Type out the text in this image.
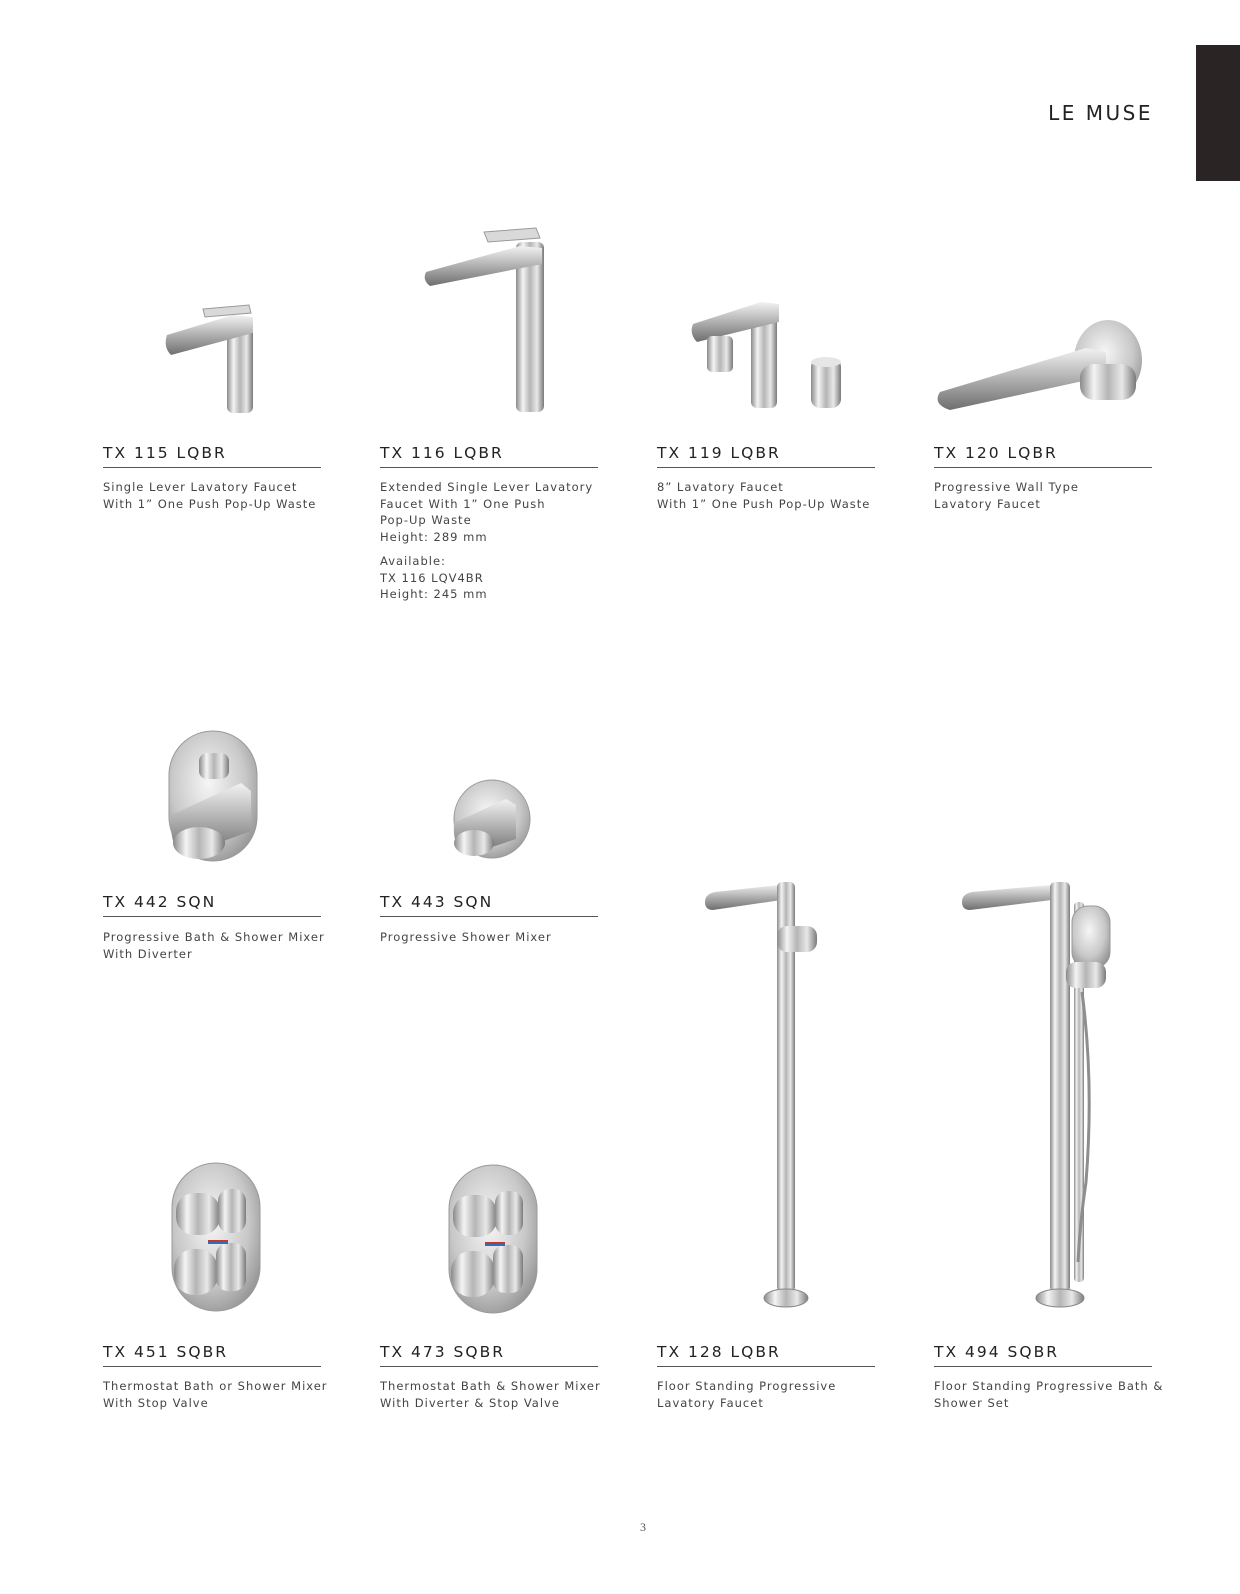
LE MUSE
TX 115 LQBR
Single Lever Lavatory Faucet
With 1” One Push Pop-Up Waste
TX 116 LQBR
Extended Single Lever Lavatory
Faucet With 1” One Push
Pop-Up Waste
Height: 289 mm
Available:
TX 116 LQV4BR
Height: 245 mm
TX 119 LQBR
8” Lavatory Faucet
With 1” One Push Pop-Up Waste
TX 120 LQBR
Progressive Wall Type
Lavatory Faucet
TX 442 SQN
Progressive Bath & Shower Mixer
With Diverter
TX 443 SQN
Progressive Shower Mixer
TX 451 SQBR
Thermostat Bath or Shower Mixer
With Stop Valve
TX 473 SQBR
Thermostat Bath & Shower Mixer
With Diverter & Stop Valve
TX 128 LQBR
Floor Standing Progressive
Lavatory Faucet
TX 494 SQBR
Floor Standing Progressive Bath &
Shower Set
3
